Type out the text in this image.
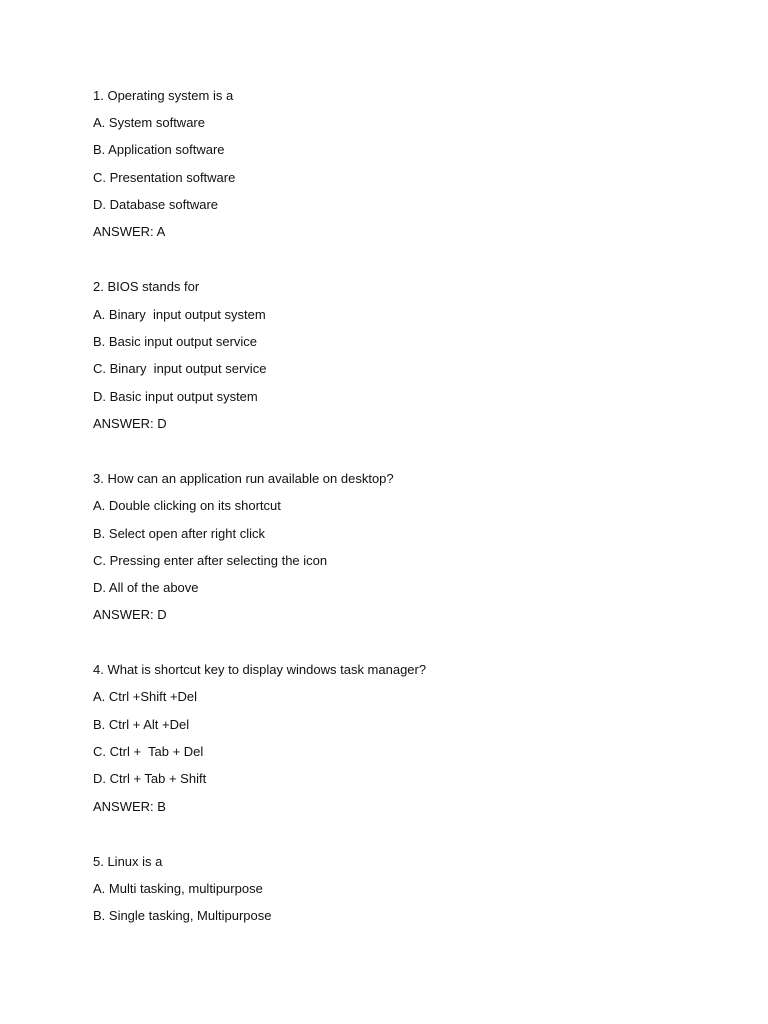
1. Operating system is a
A. System software
B. Application software
C. Presentation software
D. Database software
ANSWER: A
2. BIOS stands for
A. Binary  input output system
B. Basic input output service
C. Binary  input output service
D. Basic input output system
ANSWER: D
3. How can an application run available on desktop?
A. Double clicking on its shortcut
B. Select open after right click
C. Pressing enter after selecting the icon
D. All of the above
ANSWER: D
4. What is shortcut key to display windows task manager?
A. Ctrl +Shift +Del
B. Ctrl + Alt +Del
C. Ctrl +  Tab + Del
D. Ctrl + Tab + Shift
ANSWER: B
5. Linux is a
A. Multi tasking, multipurpose
B. Single tasking, Multipurpose
